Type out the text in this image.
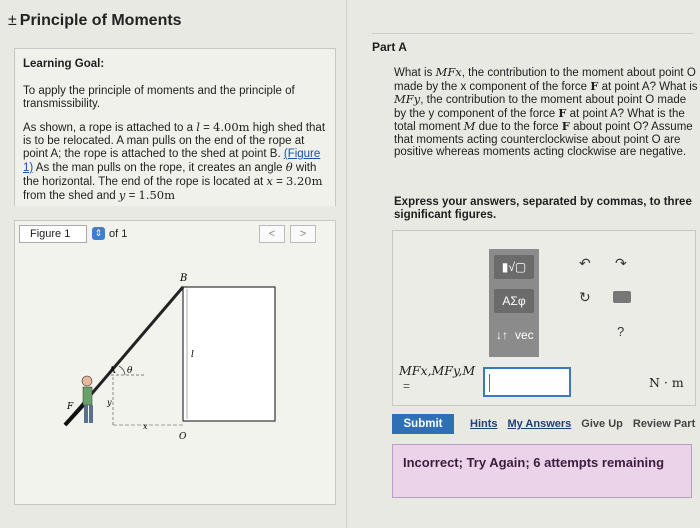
± Principle of Moments
Learning Goal:
To apply the principle of moments and the principle of transmissibility.
As shown, a rope is attached to a l = 4.00m high shed that is to be relocated. A man pulls on the end of the rope at point A; the rope is attached to the shed at point B. (Figure 1) As the man pulls on the rope, it creates an angle θ with the horizontal. The end of the rope is located at x = 3.20m from the shed and y = 1.50m
Figure 1	⇕ of 1	<	>
B
A θ
l
F	y
x
O
Part A
What is MFx, the contribution to the moment about point O made by the x component of the force F at point A? What is MFy, the contribution to the moment about point O made by the y component of the force F at point A? What is the total moment M due to the force F about point O? Assume that moments acting counterclockwise about point O are positive whereas moments acting clockwise are negative.
Express your answers, separated by commas, to three significant figures.
▮√▢
ΑΣφ
↓↑ vec
↶ ↷
↻
?
MFx,MFy,M
=	N · m
Submit	Hints My Answers Give Up Review Part
Incorrect; Try Again; 6 attempts remaining
